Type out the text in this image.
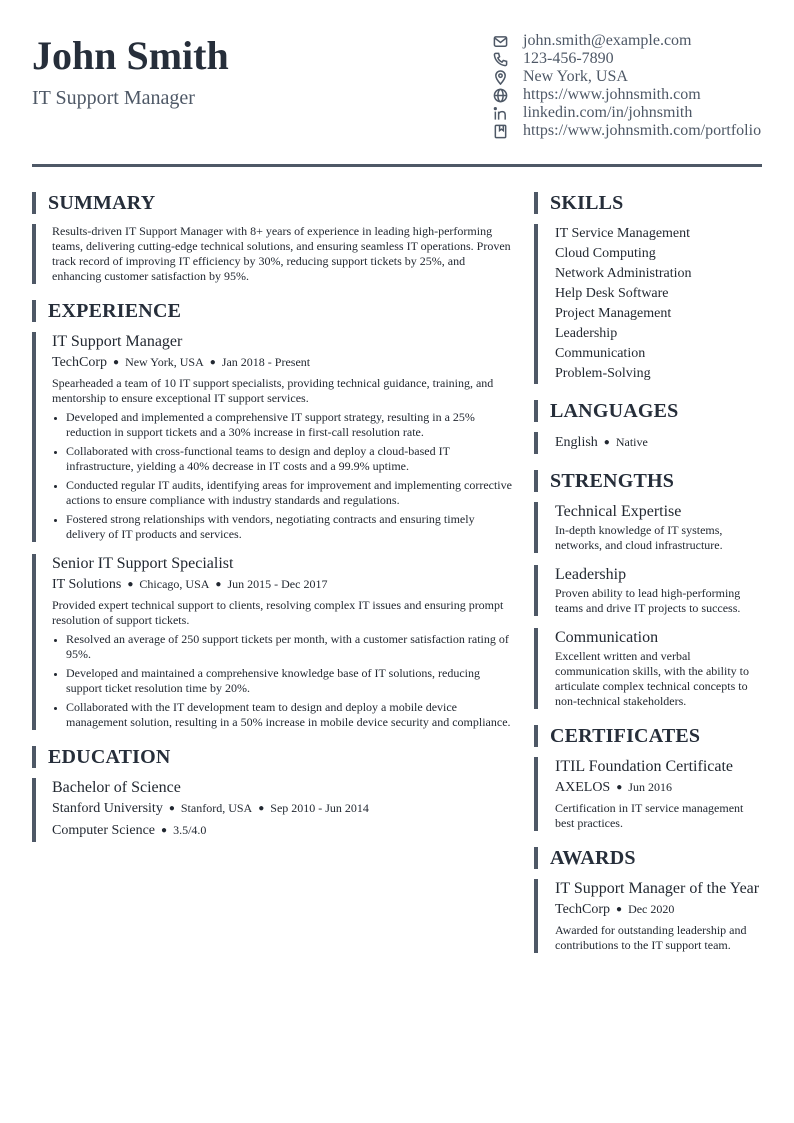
John Smith
IT Support Manager
john.smith@example.com
123-456-7890
New York, USA
https://www.johnsmith.com
linkedin.com/in/johnsmith
https://www.johnsmith.com/portfolio
SUMMARY
Results-driven IT Support Manager with 8+ years of experience in leading high-performing teams, delivering cutting-edge technical solutions, and ensuring seamless IT operations. Proven track record of improving IT efficiency by 30%, reducing support tickets by 25%, and enhancing customer satisfaction by 95%.
EXPERIENCE
IT Support Manager
TechCorp ● New York, USA ● Jan 2018 - Present
Spearheaded a team of 10 IT support specialists, providing technical guidance, training, and mentorship to ensure exceptional IT support services.
• Developed and implemented a comprehensive IT support strategy, resulting in a 25% reduction in support tickets and a 30% increase in first-call resolution rate.
• Collaborated with cross-functional teams to design and deploy a cloud-based IT infrastructure, yielding a 40% decrease in IT costs and a 99.9% uptime.
• Conducted regular IT audits, identifying areas for improvement and implementing corrective actions to ensure compliance with industry standards and regulations.
• Fostered strong relationships with vendors, negotiating contracts and ensuring timely delivery of IT products and services.
Senior IT Support Specialist
IT Solutions ● Chicago, USA ● Jun 2015 - Dec 2017
Provided expert technical support to clients, resolving complex IT issues and ensuring prompt resolution of support tickets.
• Resolved an average of 250 support tickets per month, with a customer satisfaction rating of 95%.
• Developed and maintained a comprehensive knowledge base of IT solutions, reducing support ticket resolution time by 20%.
• Collaborated with the IT development team to design and deploy a mobile device management solution, resulting in a 50% increase in mobile device security and compliance.
EDUCATION
Bachelor of Science
Stanford University ● Stanford, USA ● Sep 2010 - Jun 2014
Computer Science ● 3.5/4.0
SKILLS
IT Service Management
Cloud Computing
Network Administration
Help Desk Software
Project Management
Leadership
Communication
Problem-Solving
LANGUAGES
English ● Native
STRENGTHS
Technical Expertise
In-depth knowledge of IT systems, networks, and cloud infrastructure.
Leadership
Proven ability to lead high-performing teams and drive IT projects to success.
Communication
Excellent written and verbal communication skills, with the ability to articulate complex technical concepts to non-technical stakeholders.
CERTIFICATES
ITIL Foundation Certificate
AXELOS ● Jun 2016
Certification in IT service management best practices.
AWARDS
IT Support Manager of the Year
TechCorp ● Dec 2020
Awarded for outstanding leadership and contributions to the IT support team.
